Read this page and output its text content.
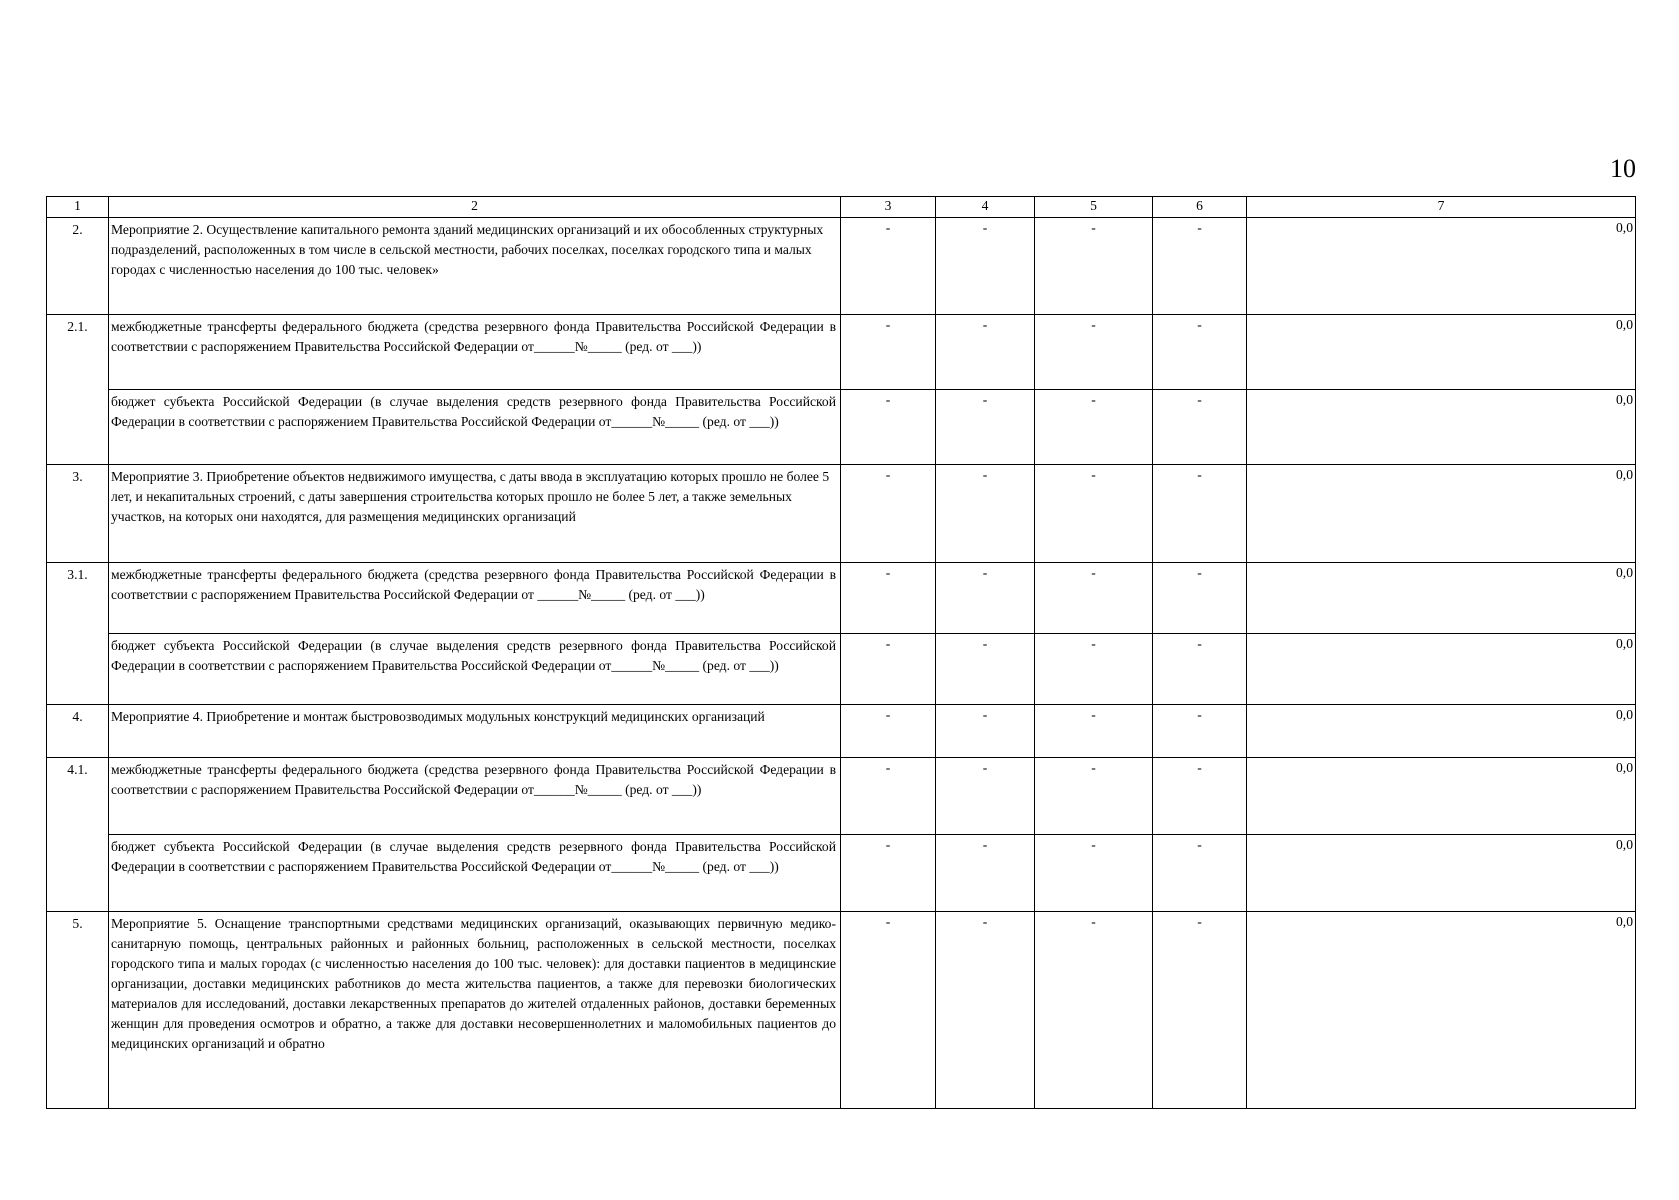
10
1	2	3	4	5	6	7

2.	Мероприятие 2. Осуществление капитального ремонта зданий медицинских организаций и их обособленных структурных подразделений, расположенных в том числе в сельской местности, рабочих поселках, поселках городского типа и малых городах с численностью населения до 100 тыс. человек»	-	-	-	-	0,0

2.1.	межбюджетные трансферты федерального бюджета (средства резервного фонда Правительства Российской Федерации в соответствии с распоряжением Правительства Российской Федерации от______№_____ (ред. от ___))	-	-	-	-	0,0
	бюджет субъекта Российской Федерации (в случае выделения средств резервного фонда Правительства Российской Федерации в соответствии с распоряжением Правительства Российской Федерации от______№_____ (ред. от ___))	-	-	-	-	0,0

3.	Мероприятие 3. Приобретение объектов недвижимого имущества, с даты ввода в эксплуатацию которых прошло не более 5 лет, и некапитальных строений, с даты завершения строительства которых прошло не более 5 лет, а также земельных участков, на которых они находятся, для размещения медицинских организаций	-	-	-	-	0,0

3.1.	межбюджетные трансферты федерального бюджета (средства резервного фонда Правительства Российской Федерации в соответствии с распоряжением Правительства Российской Федерации от ______№_____ (ред. от ___))	-	-	-	-	0,0
	бюджет субъекта Российской Федерации (в случае выделения средств резервного фонда Правительства Российской Федерации в соответствии с распоряжением Правительства Российской Федерации от______№_____ (ред. от ___))	-	-	-	-	0,0

4.	Мероприятие 4. Приобретение и монтаж быстровозводимых модульных конструкций медицинских организаций	-	-	-	-	0,0

4.1.	межбюджетные трансферты федерального бюджета (средства резервного фонда Правительства Российской Федерации в соответствии с распоряжением Правительства Российской Федерации от______№_____ (ред. от ___))	-	-	-	-	0,0
	бюджет субъекта Российской Федерации (в случае выделения средств резервного фонда Правительства Российской Федерации в соответствии с распоряжением Правительства Российской Федерации от______№_____ (ред. от ___))	-	-	-	-	0,0

5.	Мероприятие 5. Оснащение транспортными средствами медицинских организаций, оказывающих первичную медико-санитарную помощь, центральных районных и районных больниц, расположенных в сельской местности, поселках городского типа и малых городах (с численностью населения до 100 тыс. человек): для доставки пациентов в медицинские организации, доставки медицинских работников до места жительства пациентов, а также для перевозки биологических материалов для исследований, доставки лекарственных препаратов до жителей отдаленных районов, доставки беременных женщин для проведения осмотров и обратно, а также для доставки несовершеннолетних и маломобильных пациентов до медицинских организаций и обратно	-	-	-	-	0,0
